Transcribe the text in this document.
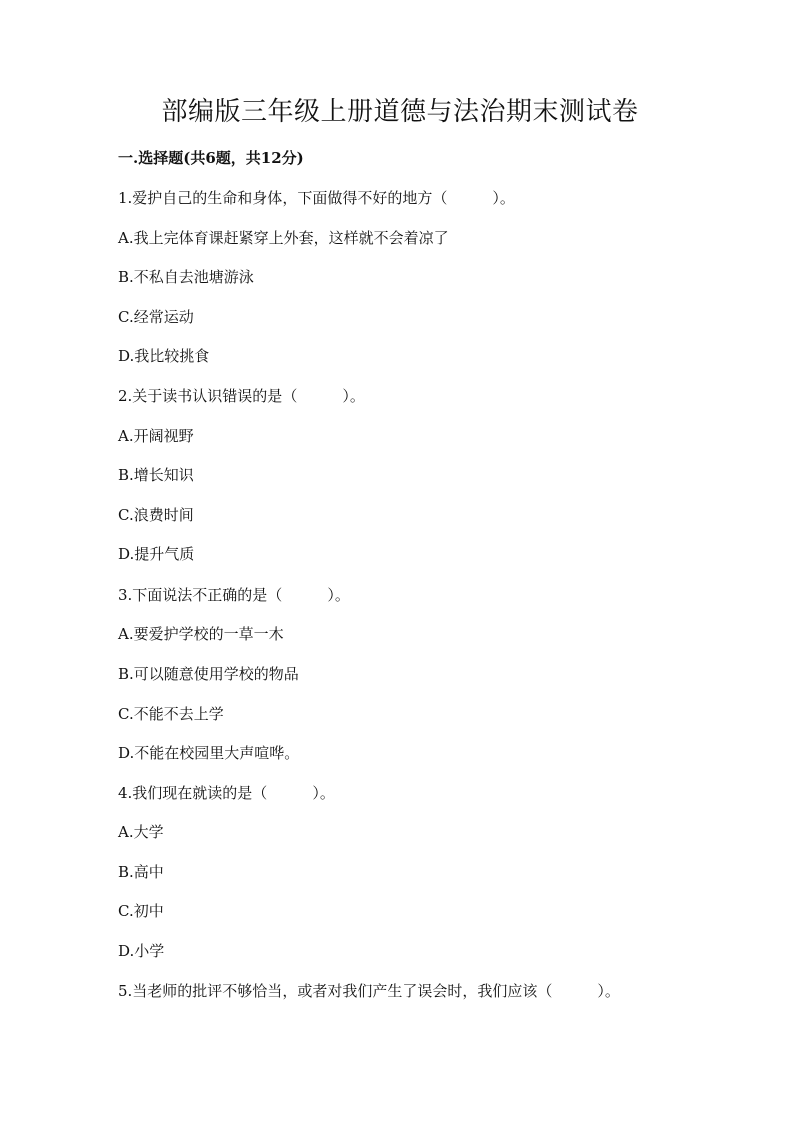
部编版三年级上册道德与法治期末测试卷
一.选择题(共6题，共12分)
1.爱护自己的生命和身体，下面做得不好的地方（　　　）。
A.我上完体育课赶紧穿上外套，这样就不会着凉了
B.不私自去池塘游泳
C.经常运动
D.我比较挑食
2.关于读书认识错误的是（　　　）。
A.开阔视野
B.增长知识
C.浪费时间
D.提升气质
3.下面说法不正确的是（　　　）。
A.要爱护学校的一草一木
B.可以随意使用学校的物品
C.不能不去上学
D.不能在校园里大声喧哗。
4.我们现在就读的是（　　　）。
A.大学
B.高中
C.初中
D.小学
5.当老师的批评不够恰当，或者对我们产生了误会时，我们应该（　　　）。
